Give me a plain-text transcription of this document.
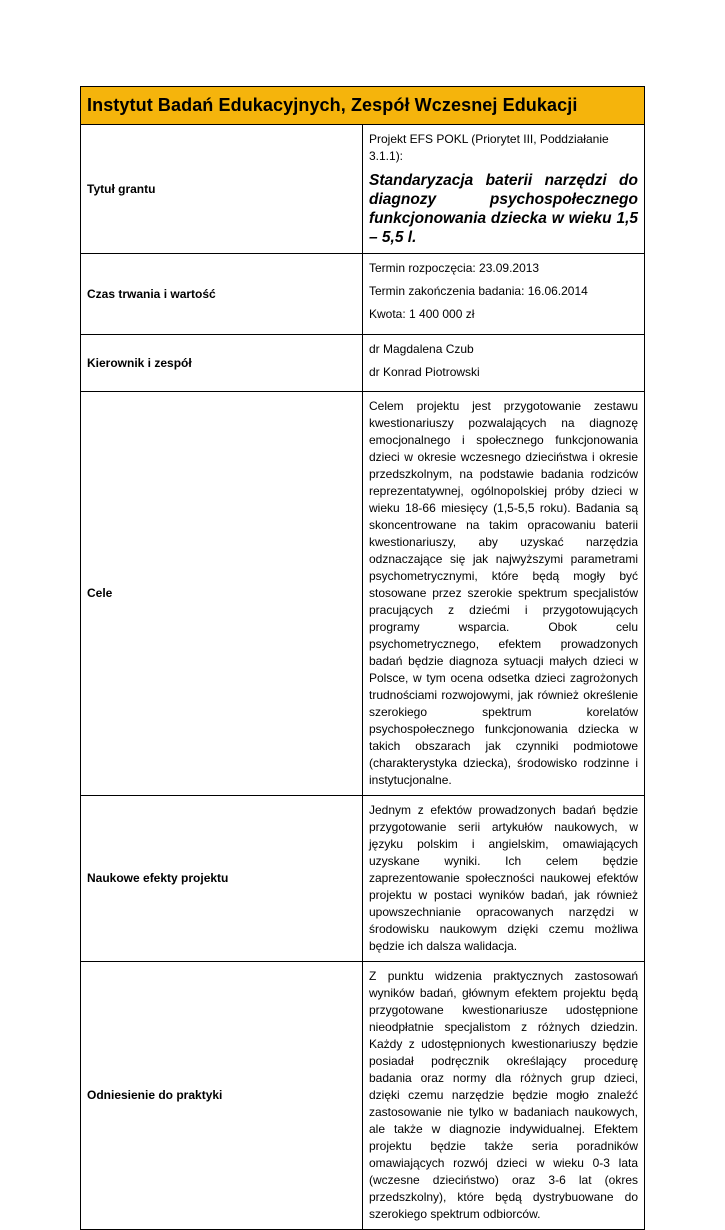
Instytut Badań Edukacyjnych, Zespół Wczesnej Edukacji	

Tytuł grantu	Projekt EFS POKL (Priorytet III, Poddziałanie 3.1.1):

Standaryzacja baterii narzędzi do diagnozy psychospołecznego funkcjonowania dziecka w wieku 1,5 – 5,5 l.

Czas trwania i wartość	Termin rozpoczęcia: 23.09.2013

Termin zakończenia badania: 16.06.2014

Kwota: 1 400 000 zł

Kierownik i zespół	dr Magdalena Czub

dr Konrad Piotrowski

Cele	Celem projektu jest przygotowanie zestawu kwestionariuszy pozwalających na diagnozę emocjonalnego i społecznego funkcjonowania dzieci w okresie wczesnego dzieciństwa i okresie przedszkolnym, na podstawie badania rodziców reprezentatywnej, ogólnopolskiej próby dzieci w wieku 18-66 miesięcy (1,5-5,5 roku). Badania są skoncentrowane na takim opracowaniu baterii kwestionariuszy, aby uzyskać narzędzia odznaczające się jak najwyższymi parametrami psychometrycznymi, które będą mogły być stosowane przez szerokie spektrum specjalistów pracujących z dziećmi i przygotowujących programy wsparcia. Obok celu psychometrycznego, efektem prowadzonych badań będzie diagnoza sytuacji małych dzieci w Polsce, w tym ocena odsetka dzieci zagrożonych trudnościami rozwojowymi, jak również określenie szerokiego spektrum korelatów psychospołecznego funkcjonowania dziecka w takich obszarach jak czynniki podmiotowe (charakterystyka dziecka), środowisko rodzinne i instytucjonalne.
Naukowe efekty projektu	Jednym z efektów prowadzonych badań będzie przygotowanie serii artykułów naukowych, w języku polskim i angielskim, omawiających uzyskane wyniki. Ich celem będzie zaprezentowanie społeczności naukowej efektów projektu w postaci wyników badań, jak również upowszechnianie opracowanych narzędzi w środowisku naukowym dzięki czemu możliwa będzie ich dalsza walidacja.
Odniesienie do praktyki	Z punktu widzenia praktycznych zastosowań wyników badań, głównym efektem projektu będą przygotowane kwestionariusze udostępnione nieodpłatnie specjalistom z różnych dziedzin. Każdy z udostępnionych kwestionariuszy będzie posiadał podręcznik określający procedurę badania oraz normy dla różnych grup dzieci, dzięki czemu narzędzie będzie mogło znaleźć zastosowanie nie tylko w badaniach naukowych, ale także w diagnozie indywidualnej. Efektem projektu będzie także seria poradników omawiających rozwój dzieci w wieku 0-3 lata (wczesne dzieciństwo) oraz 3-6 lat (okres przedszkolny), które będą dystrybuowane do szerokiego spektrum odbiorców.
